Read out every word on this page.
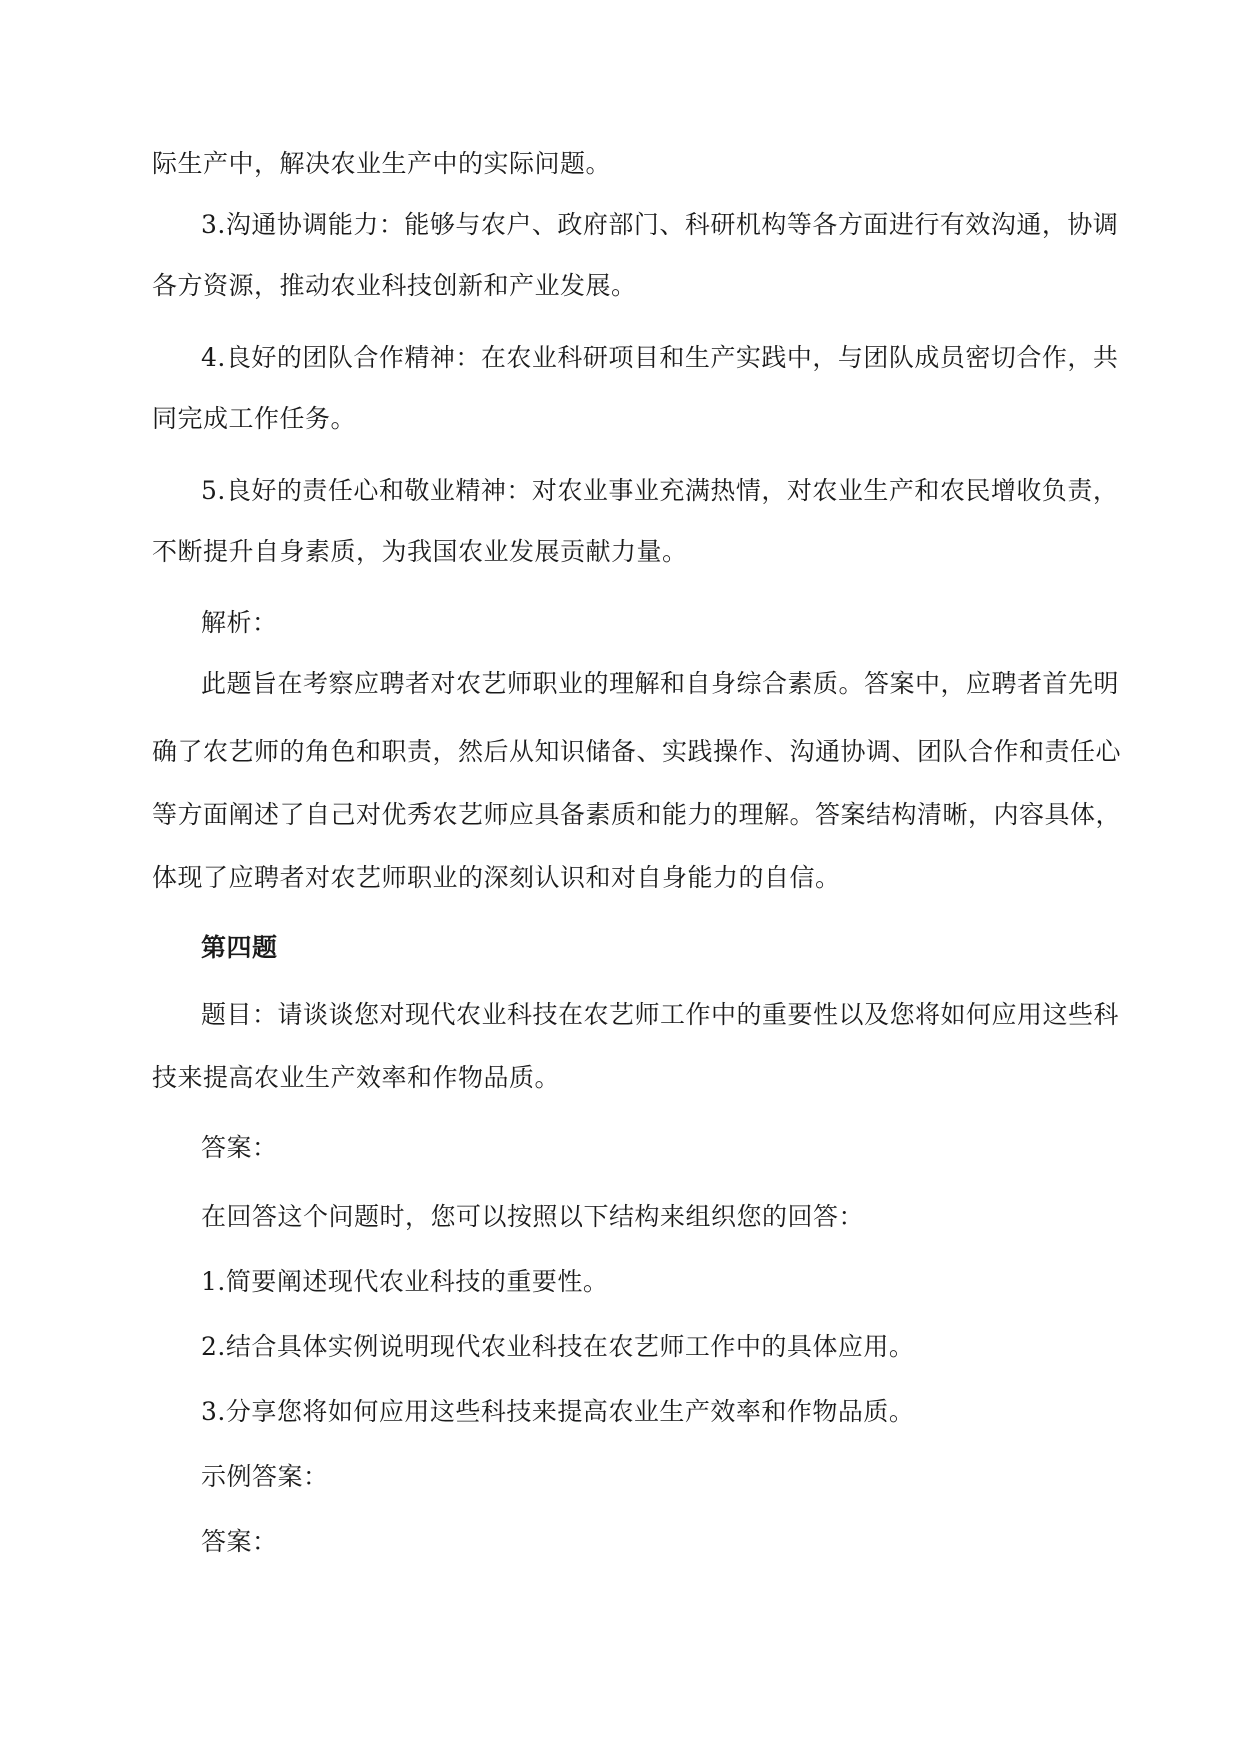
际生产中，解决农业生产中的实际问题。
3.沟通协调能力：能够与农户、政府部门、科研机构等各方面进行有效沟通，协调
各方资源，推动农业科技创新和产业发展。
4.良好的团队合作精神：在农业科研项目和生产实践中，与团队成员密切合作，共
同完成工作任务。
5.良好的责任心和敬业精神：对农业事业充满热情，对农业生产和农民增收负责，
不断提升自身素质，为我国农业发展贡献力量。
解析：
此题旨在考察应聘者对农艺师职业的理解和自身综合素质。答案中，应聘者首先明
确了农艺师的角色和职责，然后从知识储备、实践操作、沟通协调、团队合作和责任心
等方面阐述了自己对优秀农艺师应具备素质和能力的理解。答案结构清晰，内容具体，
体现了应聘者对农艺师职业的深刻认识和对自身能力的自信。
第四题
题目：请谈谈您对现代农业科技在农艺师工作中的重要性以及您将如何应用这些科
技来提高农业生产效率和作物品质。
答案：
在回答这个问题时，您可以按照以下结构来组织您的回答：
1.简要阐述现代农业科技的重要性。
2.结合具体实例说明现代农业科技在农艺师工作中的具体应用。
3.分享您将如何应用这些科技来提高农业生产效率和作物品质。
示例答案：
答案：
